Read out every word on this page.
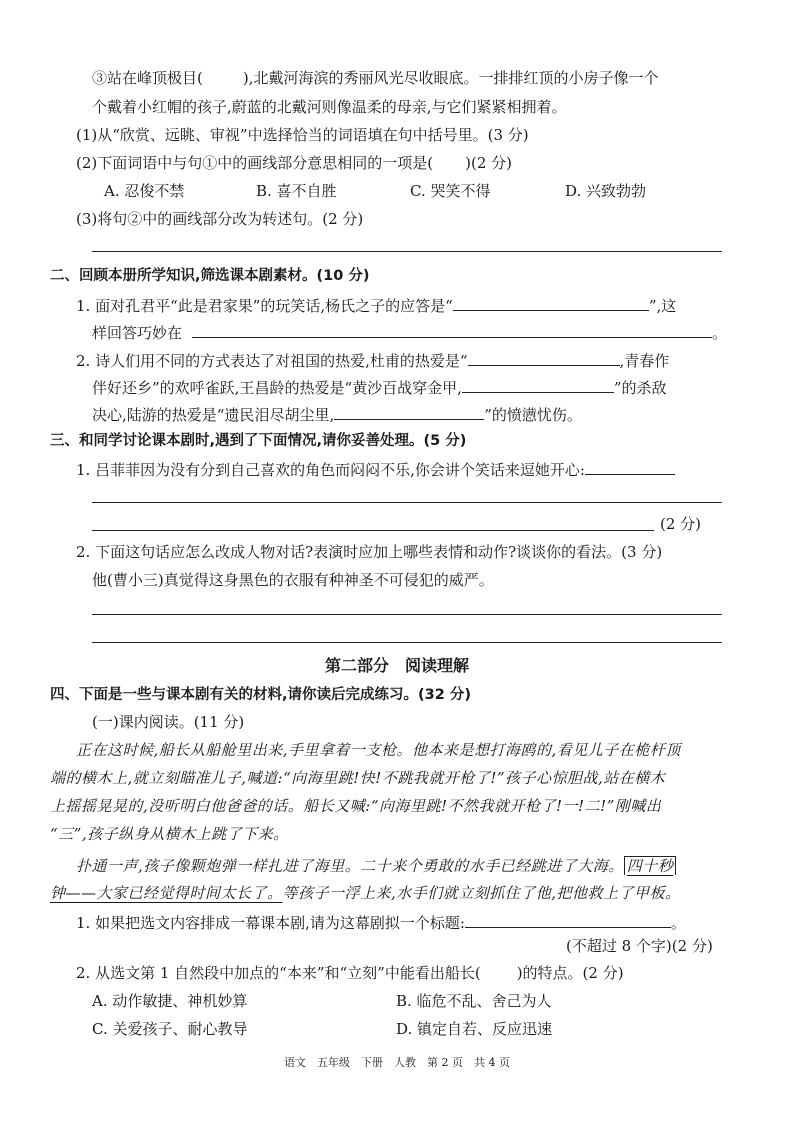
③站在峰顶极目(	),北戴河海滨的秀丽风光尽收眼底。一排排红顶的小房子像一个
个戴着小红帽的孩子,蔚蓝的北戴河则像温柔的母亲,与它们紧紧相拥着。
(1)从“欣赏、远眺、审视”中选择恰当的词语填在句中括号里。(3 分)
(2)下面词语中与句①中的画线部分意思相同的一项是( )(2 分)
A. 忍俊不禁	B. 喜不自胜	C. 哭笑不得	D. 兴致勃勃
(3)将句②中的画线部分改为转述句。(2 分)
二、回顾本册所学知识,筛选课本剧素材。(10 分)
1. 面对孔君平“此是君家果”的玩笑话,杨氏之子的应答是“	”,这
样回答巧妙在	。
2. 诗人们用不同的方式表达了对祖国的热爱,杜甫的热爱是“	,青春作
伴好还乡”的欢呼雀跃,王昌龄的热爱是“黄沙百战穿金甲,	”的杀敌
决心,陆游的热爱是“遗民泪尽胡尘里,	”的愤懑忧伤。
三、和同学讨论课本剧时,遇到了下面情况,请你妥善处理。(5 分)
1. 吕菲菲因为没有分到自己喜欢的角色而闷闷不乐,你会讲个笑话来逗她开心:
(2 分)
2. 下面这句话应怎么改成人物对话?表演时应加上哪些表情和动作?谈谈你的看法。(3 分)
他(曹小三)真觉得这身黑色的衣服有种神圣不可侵犯的威严。
第二部分　阅读理解
四、下面是一些与课本剧有关的材料,请你读后完成练习。(32 分)
(一)课内阅读。(11 分)
正在这时候,船长从船舱里出来,手里拿着一支枪。他本来是想打海鸥的,看见儿子在桅杆顶
端的横木上,就立刻瞄准儿子,喊道:“向海里跳!快!不跳我就开枪了!”孩子心惊胆战,站在横木
上摇摇晃晃的,没听明白他爸爸的话。船长又喊:“向海里跳!不然我就开枪了!一!二!”刚喊出
“三”,孩子纵身从横木上跳了下来。
扑通一声,孩子像颗炮弹一样扎进了海里。二十来个勇敢的水手已经跳进了大海。 四十秒
钟——大家已经觉得时间太长了。等孩子一浮上来,水手们就立刻抓住了他,把他救上了甲板。
1. 如果把选文内容排成一幕课本剧,请为这幕剧拟一个标题:	。
(不超过 8 个字)(2 分)
2. 从选文第 1 自然段中加点的“本来”和“立刻”中能看出船长( )的特点。(2 分)
A. 动作敏捷、神机妙算	B. 临危不乱、舍己为人
C. 关爱孩子、耐心教导	D. 镇定自若、反应迅速
语文　五年级　下册　人教　第 2 页　共 4 页
